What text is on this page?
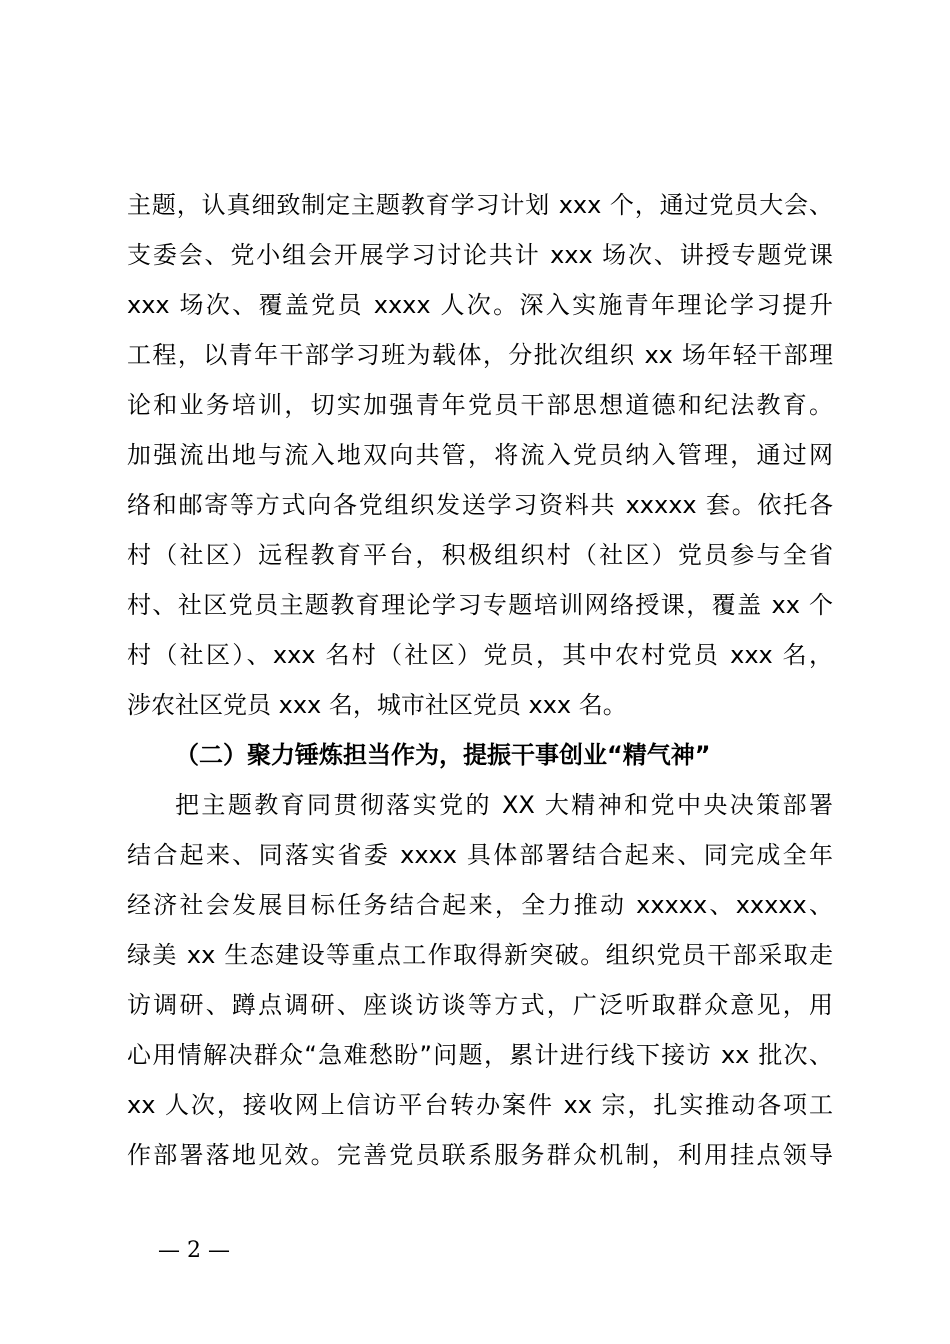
主题，认真细致制定主题教育学习计划 xxx 个，通过党员大会、
支委会、党小组会开展学习讨论共计 xxx 场次、讲授专题党课
xxx 场次、覆盖党员 xxxx 人次。深入实施青年理论学习提升
工程，以青年干部学习班为载体，分批次组织 xx 场年轻干部理
论和业务培训，切实加强青年党员干部思想道德和纪法教育。
加强流出地与流入地双向共管，将流入党员纳入管理，通过网
络和邮寄等方式向各党组织发送学习资料共 xxxxx 套。依托各
村（社区）远程教育平台，积极组织村（社区）党员参与全省
村、社区党员主题教育理论学习专题培训网络授课，覆盖 xx 个
村（社区）、xxx 名村（社区）党员，其中农村党员 xxx 名，
涉农社区党员 xxx 名，城市社区党员 xxx 名。
（二）聚力锤炼担当作为，提振干事创业“精气神”
把主题教育同贯彻落实党的 XX 大精神和党中央决策部署
结合起来、同落实省委 xxxx 具体部署结合起来、同完成全年
经济社会发展目标任务结合起来，全力推动 xxxxx、xxxxx、
绿美 xx 生态建设等重点工作取得新突破。组织党员干部采取走
访调研、蹲点调研、座谈访谈等方式，广泛听取群众意见，用
心用情解决群众“急难愁盼”问题，累计进行线下接访 xx 批次、
xx 人次，接收网上信访平台转办案件 xx 宗，扎实推动各项工
作部署落地见效。完善党员联系服务群众机制，利用挂点领导
— 2 —
